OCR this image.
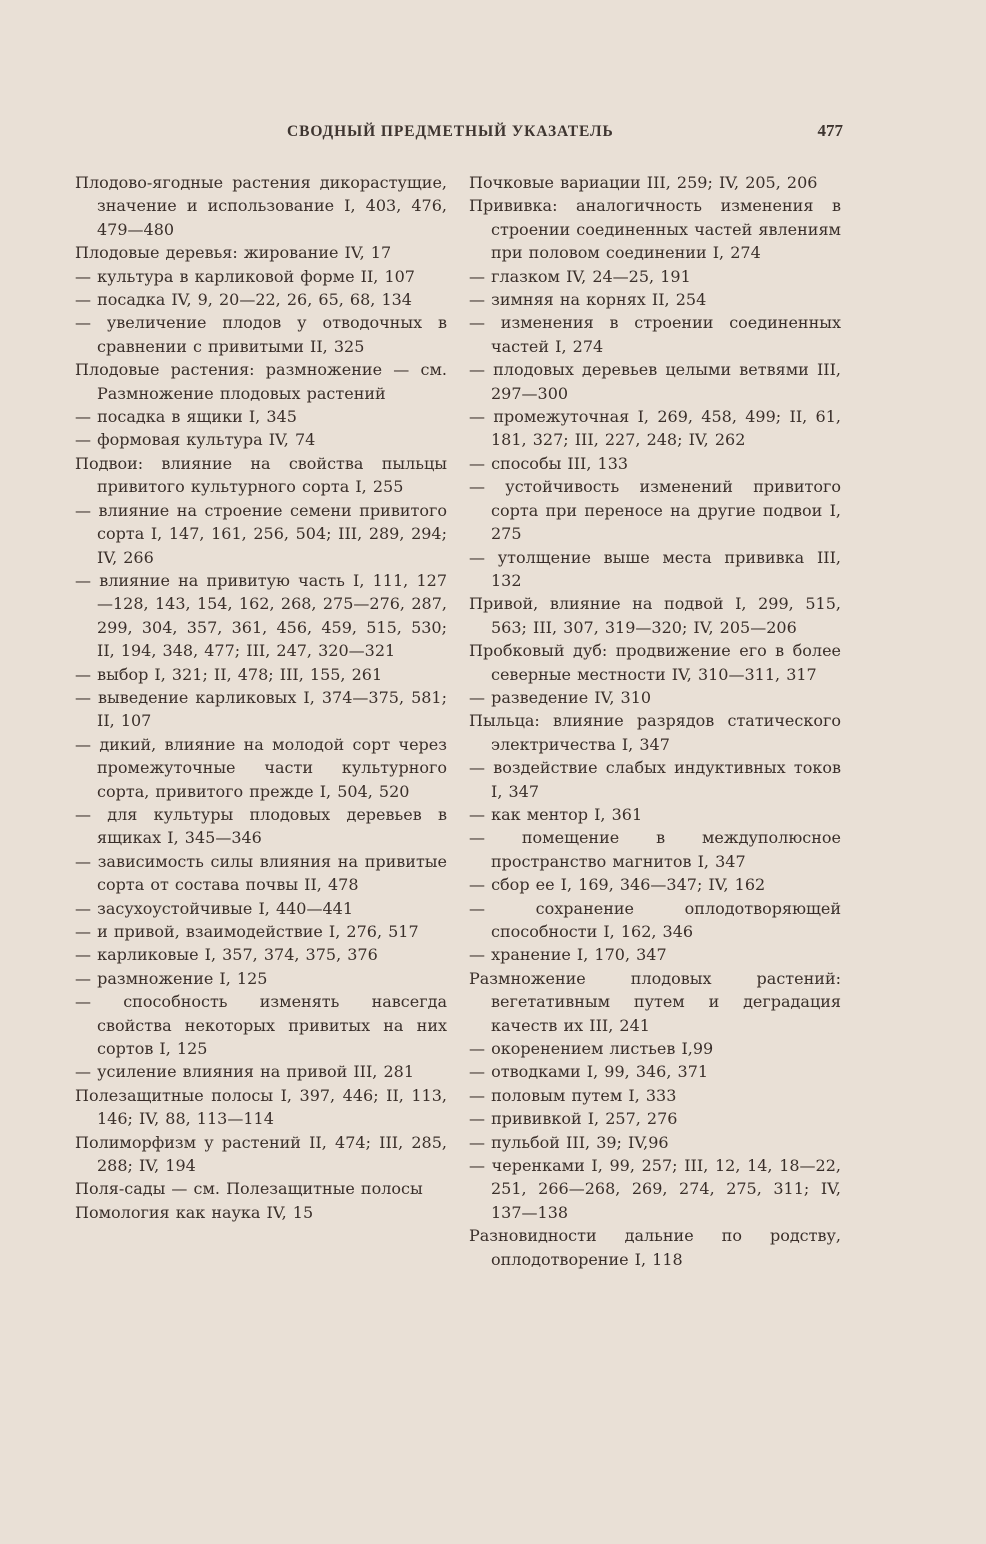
СВОДНЫЙ ПРЕДМЕТНЫЙ УКАЗАТЕЛЬ	477

Плодово-ягодные растения дикорастущие, значение и использование I, 403, 476, 479—480

Плодовые деревья: жирование IV, 17

— культура в карликовой форме II, 107

— посадка IV, 9, 20—22, 26, 65, 68, 134

— увеличение плодов у отводочных в сравнении с привитыми II, 325

Плодовые растения: размножение — см. Размножение плодовых растений

— посадка в ящики I, 345

— формовая культура IV, 74

Подвои: влияние на свойства пыльцы привитого культурного сорта I, 255

— влияние на строение семени привитого сорта I, 147, 161, 256, 504; III, 289, 294; IV, 266

— влияние на привитую часть I, 111, 127—128, 143, 154, 162, 268, 275—276, 287, 299, 304, 357, 361, 456, 459, 515, 530; II, 194, 348, 477; III, 247, 320—321

— выбор I, 321; II, 478; III, 155, 261

— выведение карликовых I, 374—375, 581; II, 107

— дикий, влияние на молодой сорт через промежуточные части культурного сорта, привитого прежде I, 504, 520

— для культуры плодовых деревьев в ящиках I, 345—346

— зависимость силы влияния на привитые сорта от состава почвы II, 478

— засухоустойчивые I, 440—441

— и привой, взаимодействие I, 276, 517

— карликовые I, 357, 374, 375, 376

— размножение I, 125

— способность изменять навсегда свойства некоторых привитых на них сортов I, 125

— усиление влияния на привой III, 281

Полезащитные полосы I, 397, 446; II, 113, 146; IV, 88, 113—114

Полиморфизм у растений II, 474; III, 285, 288; IV, 194

Поля-сады — см. Полезащитные полосы

Помология как наука IV, 15

Почковые вариации III, 259; IV, 205, 206

Прививка: аналогичность изменения в строении соединенных частей явлениям при половом соединении I, 274

— глазком IV, 24—25, 191

— зимняя на корнях II, 254

— изменения в строении соединенных частей I, 274

— плодовых деревьев целыми ветвями III, 297—300

— промежуточная I, 269, 458, 499; II, 61, 181, 327; III, 227, 248; IV, 262

— способы III, 133

— устойчивость изменений привитого сорта при переносе на другие подвои I, 275

— утолщение выше места прививка III, 132

Привой, влияние на подвой I, 299, 515, 563; III, 307, 319—320; IV, 205—206

Пробковый дуб: продвижение его в более северные местности IV, 310—311, 317

— разведение IV, 310

Пыльца: влияние разрядов статического электричества I, 347

— воздействие слабых индуктивных токов I, 347

— как ментор I, 361

— помещение в междуполюсное пространство магнитов I, 347

— сбор ее I, 169, 346—347; IV, 162

— сохранение оплодотворяющей способности I, 162, 346

— хранение I, 170, 347

Размножение плодовых растений: вегетативным путем и деградация качеств их III, 241

— окоренением листьев I,99

— отводками I, 99, 346, 371

— половым путем I, 333

— прививкой I, 257, 276

— пульбой III, 39; IV,96

— черенками I, 99, 257; III, 12, 14, 18—22, 251, 266—268, 269, 274, 275, 311; IV, 137—138

Разновидности дальние по родству, оплодотворение I, 118
